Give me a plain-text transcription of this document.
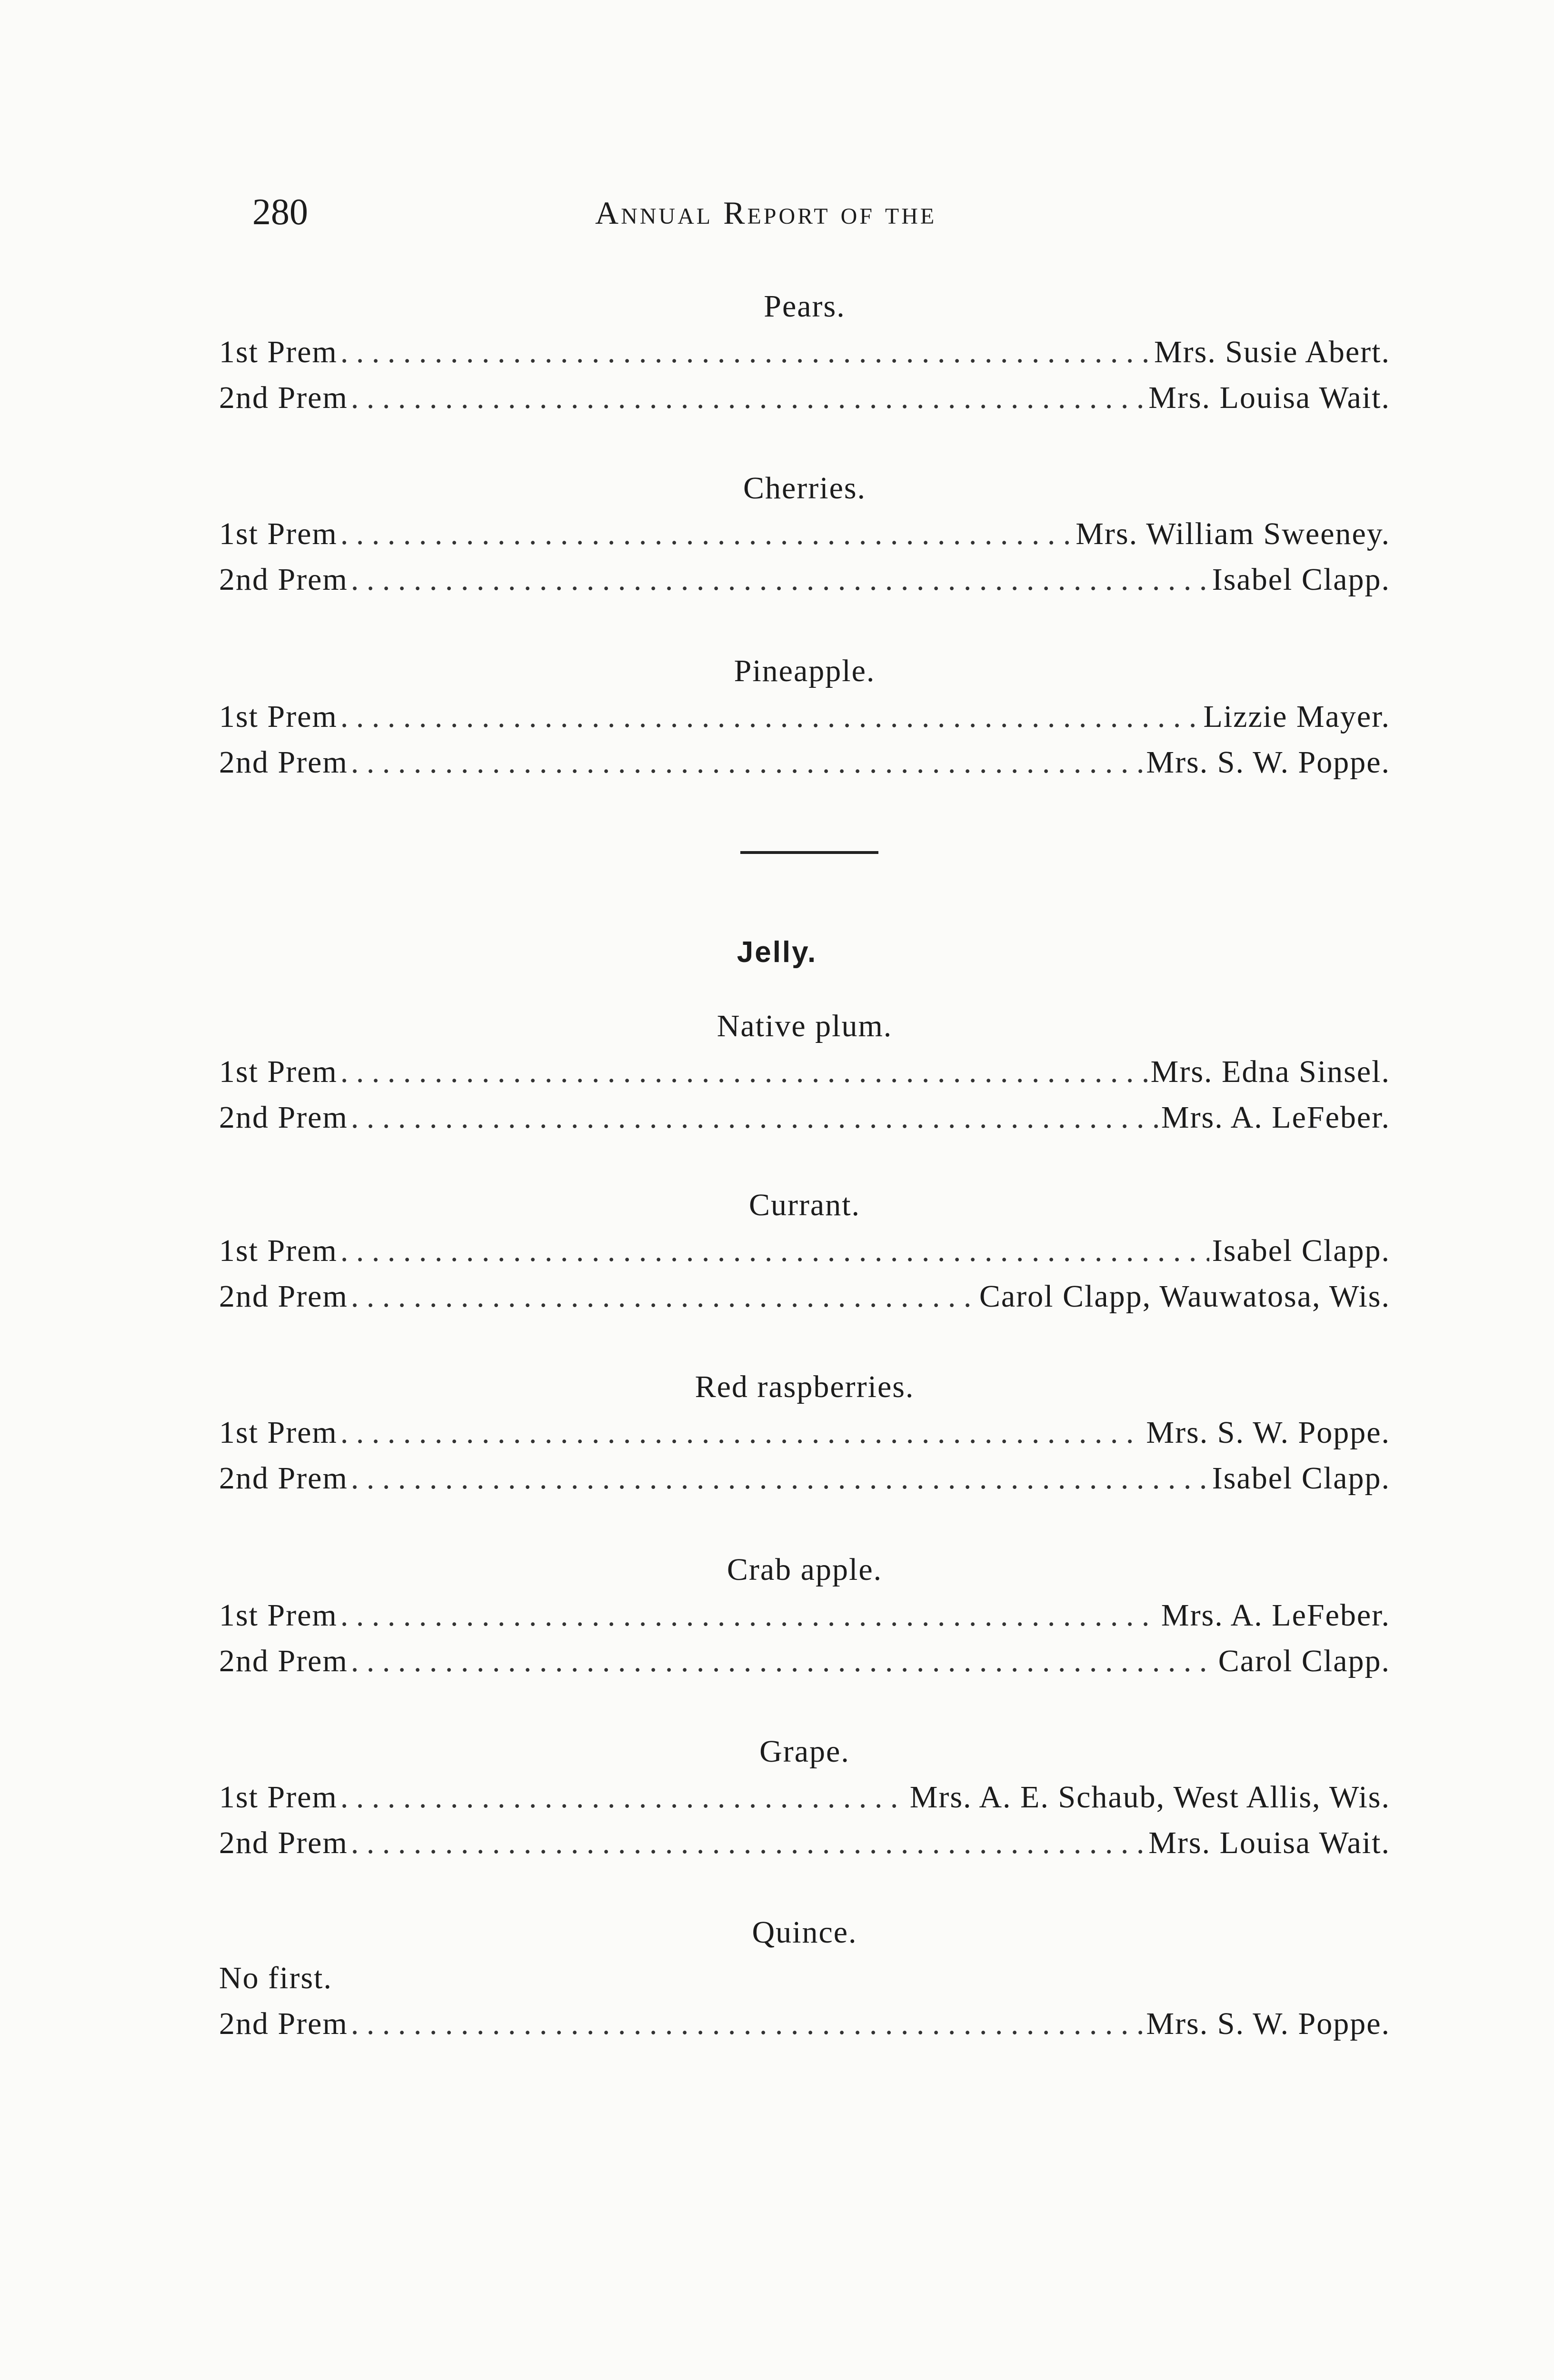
280	Annual Report of the
Pears.
1st Prem . . .	Mrs. Susie Abert.
2nd Prem . . .	Mrs. Louisa Wait.
Cherries.
1st Prem . . .	Mrs. William Sweeney.
2nd Prem . . .	Isabel Clapp.
Pineapple.
1st Prem . . .	Lizzie Mayer.
2nd Prem . . .	Mrs. S. W. Poppe.
Jelly.
Native plum.
1st Prem . . .	Mrs. Edna Sinsel.
2nd Prem . . .	Mrs. A. LeFeber.
Currant.
1st Prem . . .	Isabel Clapp.
2nd Prem . . .	Carol Clapp, Wauwatosa, Wis.
Red raspberries.
1st Prem . . .	Mrs. S. W. Poppe.
2nd Prem . . .	Isabel Clapp.
Crab apple.
1st Prem . . .	Mrs. A. LeFeber.
2nd Prem . . .	Carol Clapp.
Grape.
1st Prem . . .	Mrs. A. E. Schaub, West Allis, Wis.
2nd Prem . . .	Mrs. Louisa Wait.
Quince.
No first.
2nd Prem . . .	Mrs. S. W. Poppe.
